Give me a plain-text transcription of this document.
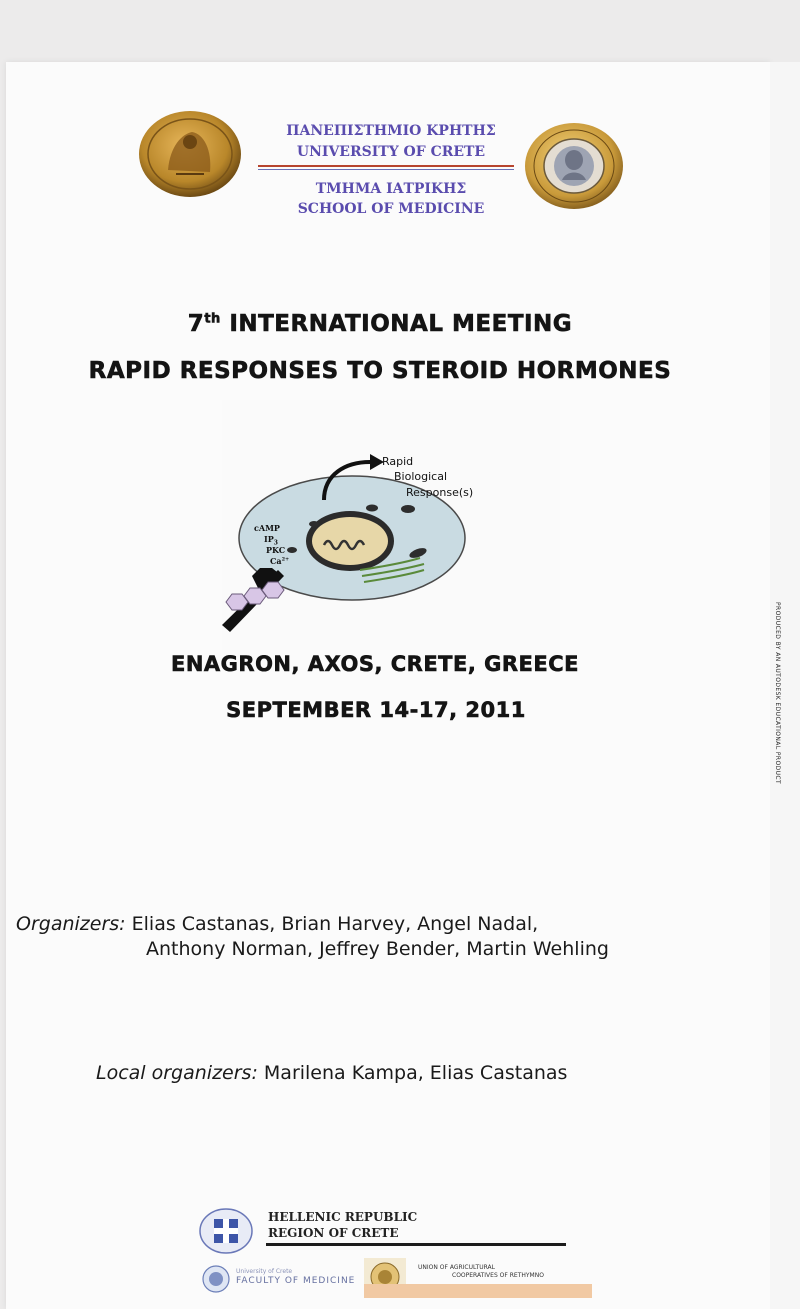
ΠΑΝΕΠΙΣΤΗΜΙΟ ΚΡΗΤΗΣ
UNIVERSITY OF CRETE
ΤΜΗΜΑ ΙΑΤΡΙΚΗΣ
SCHOOL OF MEDICINE
7th INTERNATIONAL MEETING
RAPID RESPONSES TO STEROID HORMONES
Rapid
Biological
Response(s)
cAMP
$IP_3$
PKC
$Ca^{2+}$
PRODUCED BY AN AUTODESK EDUCATIONAL PRODUCT
ENAGRON, AXOS, CRETE, GREECE
SEPTEMBER 14-17, 2011
Organizers: Elias Castanas, Brian Harvey, Angel Nadal,
Anthony Norman, Jeffrey Bender, Martin Wehling
Local organizers: Marilena Kampa, Elias Castanas
HELLENIC REPUBLIC
REGION OF CRETE
University of Crete
FACULTY OF MEDICINE
UNION OF AGRICULTURAL
COOPERATIVES OF RETHYMNO
